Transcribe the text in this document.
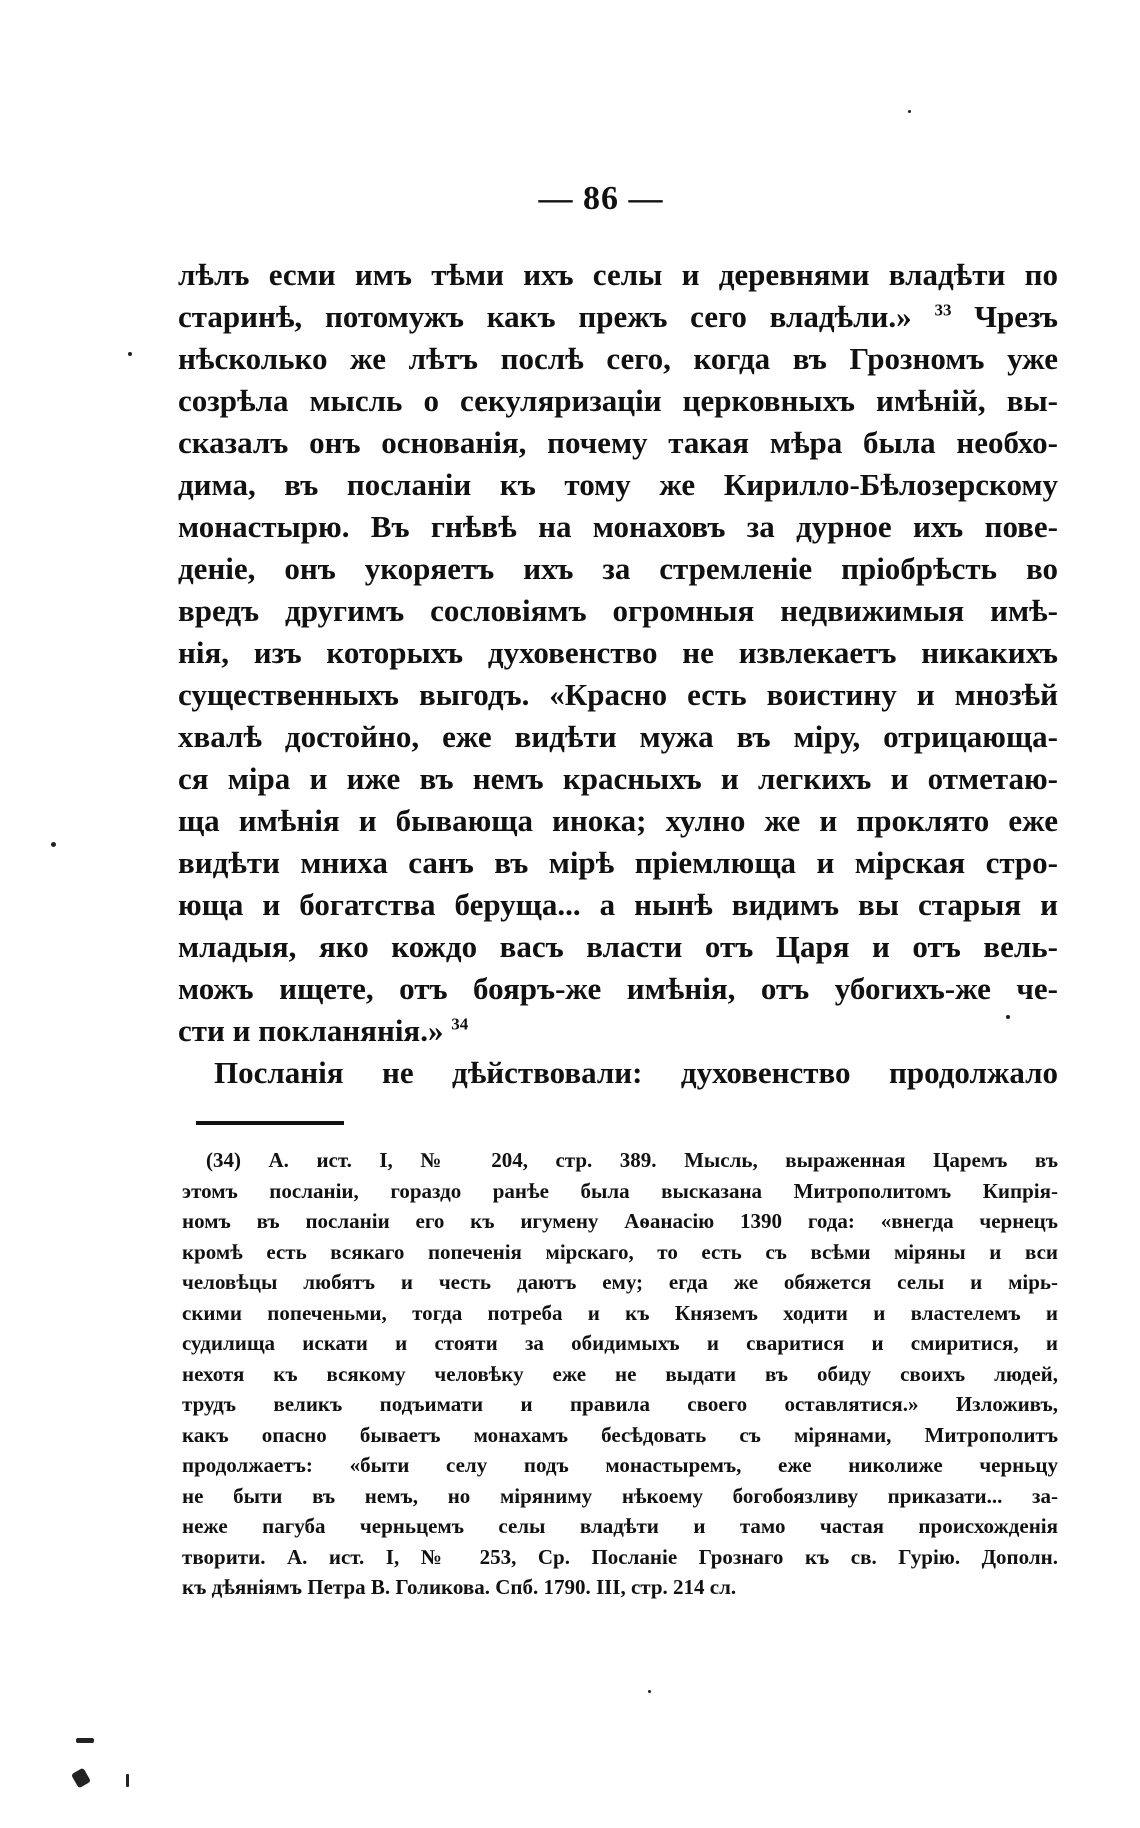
— 86 —
лѣлъ есми имъ тѣми ихъ селы и деревнями владѣти по
старинѣ, потомужъ какъ прежъ сего владѣли.» $^{33}$ Чрезъ
нѣсколько же лѣтъ послѣ сего, когда въ Грозномъ уже
созрѣла мысль о секуляризаціи церковныхъ имѣній, вы-
сказалъ онъ основанія, почему такая мѣра была необхо-
дима, въ посланіи къ тому же Кирилло-Бѣлозерскому
монастырю. Въ гнѣвѣ на монаховъ за дурное ихъ пове-
деніе, онъ укоряетъ ихъ за стремленіе пріобрѣсть во
вредъ другимъ сословіямъ огромныя недвижимыя имѣ-
нія, изъ которыхъ духовенство не извлекаетъ никакихъ
существенныхъ выгодъ. «Красно есть воистину и мнозѣй
хвалѣ достойно, еже видѣти мужа въ міру, отрицающа-
ся міра и иже въ немъ красныхъ и легкихъ и отметаю-
ща имѣнія и бывающа инока; хулно же и проклято еже
видѣти мниха санъ въ мірѣ пріемлюща и мірская стро-
юща и богатства берущa... а нынѣ видимъ вы старыя и
младыя, яко кождо васъ власти отъ Царя и отъ вель-
можъ ищете, отъ бояръ-же имѣнія, отъ убогихъ-же че-
сти и покланянія.» $^{34}$
Посланія не дѣйствовали: духовенство продолжало
(34) А. ист. I, № 204, стр. 389. Мысль, выраженная Царемъ въ
этомъ посланіи, гораздо ранѣе была высказана Митрополитомъ Кипрія-
номъ въ посланіи его къ игумену Аѳанасію 1390 года: «внегда чернецъ
кромѣ есть всякаго попеченія мірскаго, то есть съ всѣми міряны и вси
человѣцы любятъ и честь даютъ ему; егда же обяжется селы и мірь-
скими попеченьми, тогда потреба и къ Княземъ ходити и властелемъ и
судилища искати и стояти за обидимыхъ и сваритися и смиритися, и
нехотя къ всякому человѣку еже не выдати въ обиду своихъ людей,
трудъ великъ подъимати и правила своего оставлятися.» Изложивъ,
какъ опасно бываетъ монахамъ бесѣдовать съ мірянами, Митрополитъ
продолжаетъ: «быти селу подъ монастыремъ, еже николиже черньцу
не быти въ немъ, но міряниму нѣкоему богобоязливу приказати... за-
неже пагуба черньцемъ селы владѣти и тамо частая происхожденія
творити. А. ист. I, № 253, Ср. Посланіе Грознаго къ св. Гурію. Дополн.
къ дѣяніямъ Петра В. Голикова. Спб. 1790. III, стр. 214 сл.
